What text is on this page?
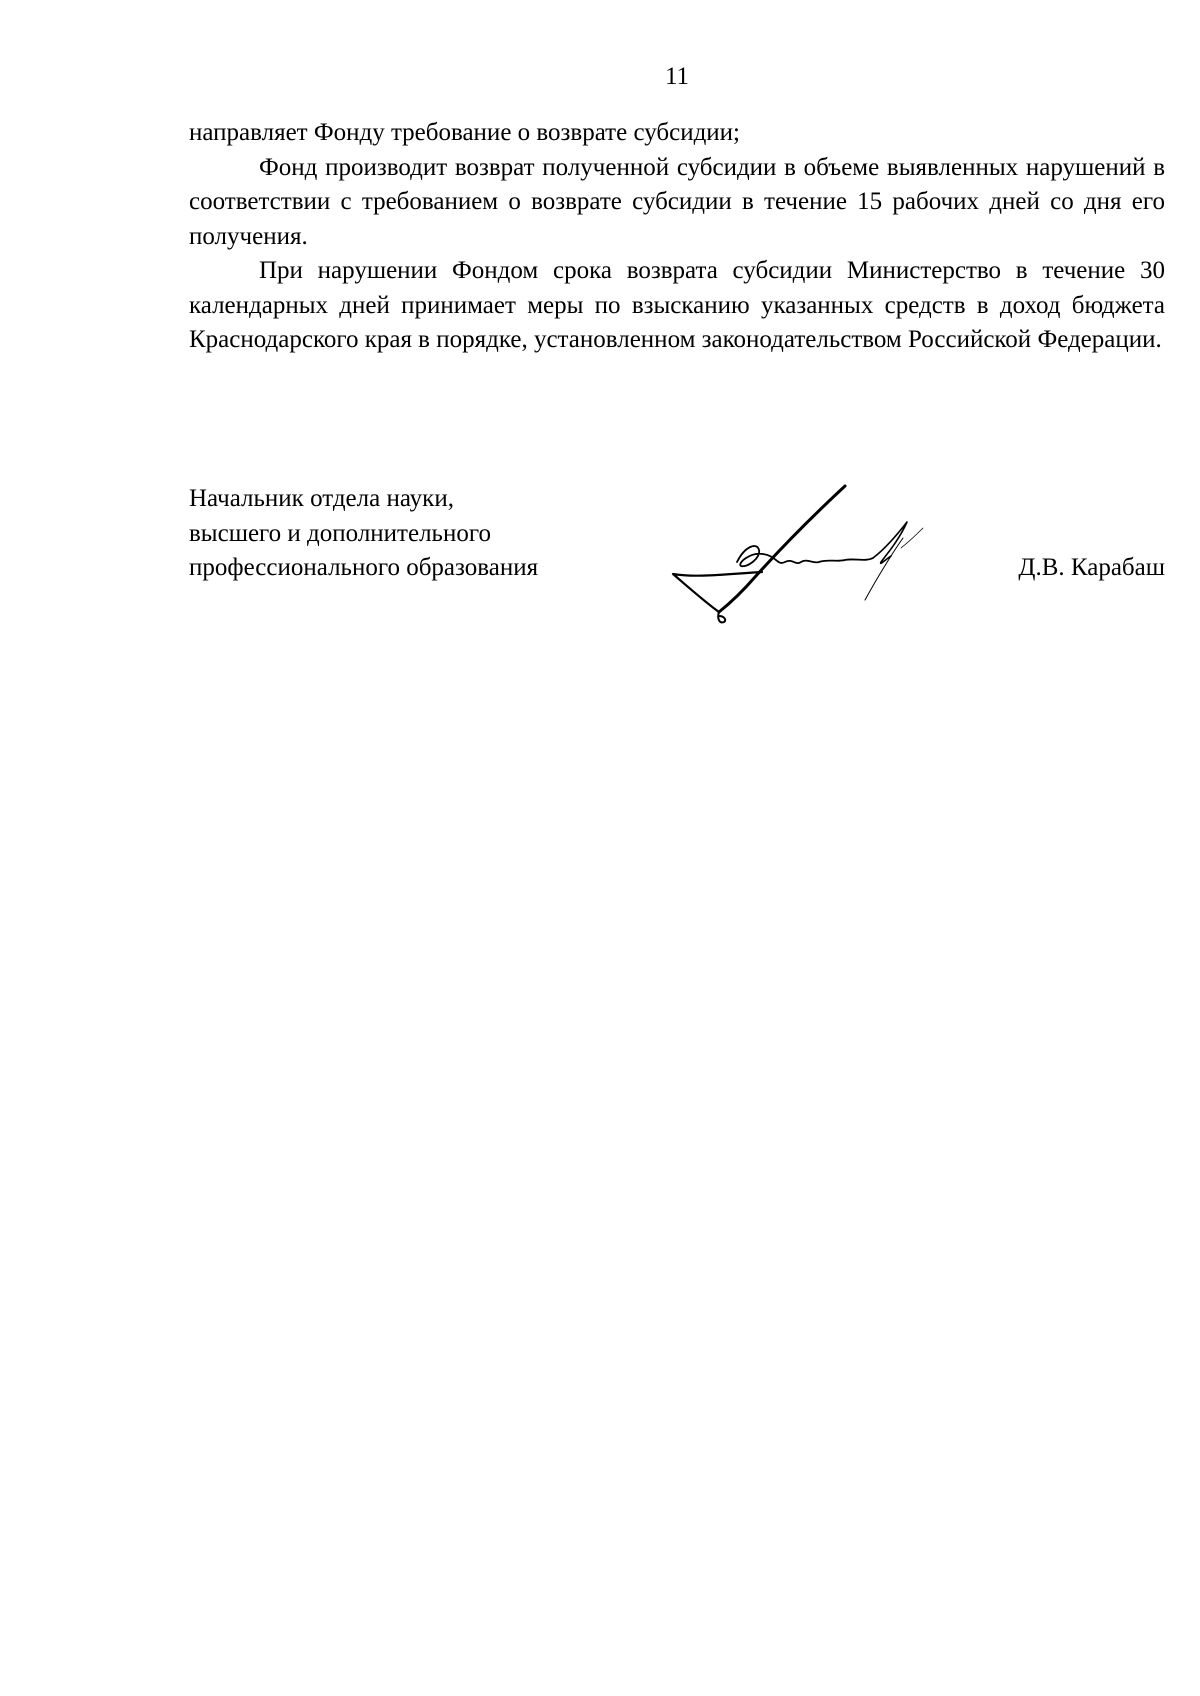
11

направляет Фонду требование о возврате субсидии;

Фонд производит возврат полученной субсидии в объеме выявленных нарушений в соответствии с требованием о возврате субсидии в течение 15 рабочих дней со дня его получения.

При нарушении Фондом срока возврата субсидии Министерство в течение 30 календарных дней принимает меры по взысканию указанных средств в доход бюджета Краснодарского края в порядке, установленном законодательством Российской Федерации.

Начальник отдела науки,
высшего и дополнительного
профессионального образования	Д.В. Карабаш
